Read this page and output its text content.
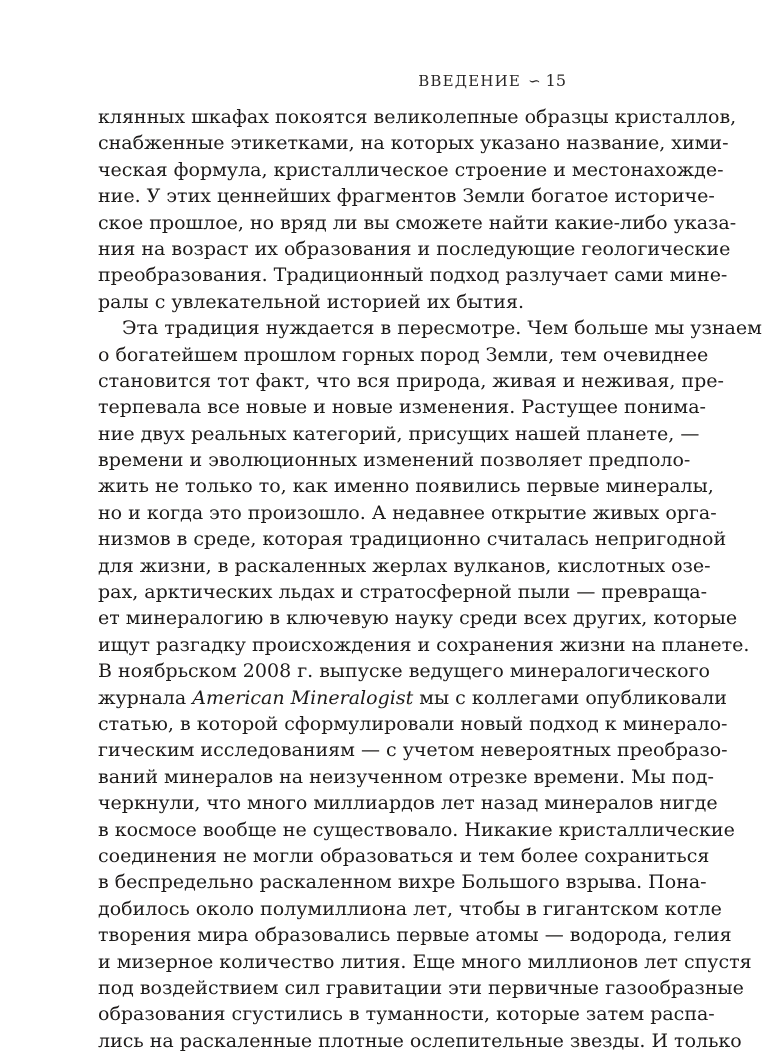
ВВЕДЕНИЕ ∽ 15
клянных шкафах покоятся великолепные образцы кристаллов,
снабженные этикетками, на которых указано название, хими-
ческая формула, кристаллическое строение и местонахожде-
ние. У этих ценнейших фрагментов Земли богатое историче-
ское прошлое, но вряд ли вы сможете найти какие-либо указа-
ния на возраст их образования и последующие геологические
преобразования. Традиционный подход разлучает сами мине-
ралы с увлекательной историей их бытия.
Эта традиция нуждается в пересмотре. Чем больше мы узнаем
о богатейшем прошлом горных пород Земли, тем очевиднее
становится тот факт, что вся природа, живая и неживая, пре-
терпевала все новые и новые изменения. Растущее понима-
ние двух реальных категорий, присущих нашей планете, —
времени и эволюционных изменений позволяет предполо-
жить не только то, как именно появились первые минералы,
но и когда это произошло. А недавнее открытие живых орга-
низмов в среде, которая традиционно считалась непригодной
для жизни, в раскаленных жерлах вулканов, кислотных озе-
рах, арктических льдах и стратосферной пыли — превраща-
ет минералогию в ключевую науку среди всех других, которые
ищут разгадку происхождения и сохранения жизни на планете.
В ноябрьском 2008 г. выпуске ведущего минералогического
журнала American Mineralogist мы с коллегами опубликовали
статью, в которой сформулировали новый подход к минерало-
гическим исследованиям — с учетом невероятных преобразо-
ваний минералов на неизученном отрезке времени. Мы под-
черкнули, что много миллиардов лет назад минералов нигде
в космосе вообще не существовало. Никакие кристаллические
соединения не могли образоваться и тем более сохраниться
в беспредельно раскаленном вихре Большого взрыва. Пона-
добилось около полумиллиона лет, чтобы в гигантском котле
творения мира образовались первые атомы — водорода, гелия
и мизерное количество лития. Еще много миллионов лет спустя
под воздействием сил гравитации эти первичные газообразные
образования сгустились в туманности, которые затем распа-
лись на раскаленные плотные ослепительные звезды. И только
